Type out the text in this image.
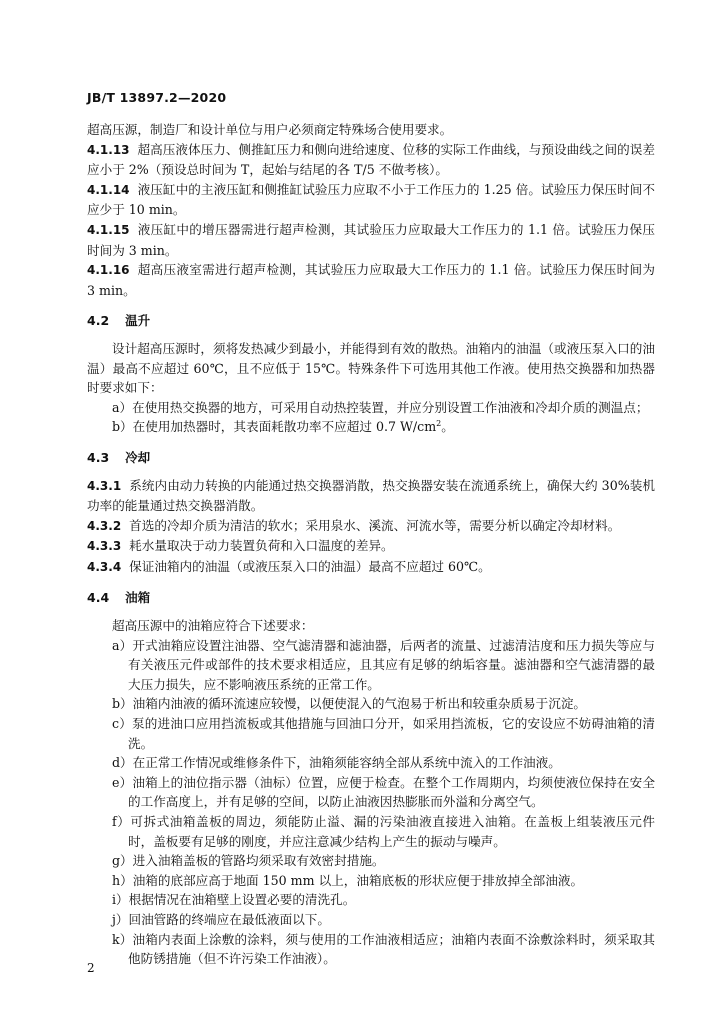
JB/T 13897.2—2020

超高压源，制造厂和设计单位与用户必须商定特殊场合使用要求。

4.1.13 超高压液体压力、侧推缸压力和侧向进给速度、位移的实际工作曲线，与预设曲线之间的误差应小于 2%（预设总时间为 T，起始与结尾的各 T/5 不做考核）。

4.1.14 液压缸中的主液压缸和侧推缸试验压力应取不小于工作压力的 1.25 倍。试验压力保压时间不应少于 10 min。

4.1.15 液压缸中的增压器需进行超声检测，其试验压力应取最大工作压力的 1.1 倍。试验压力保压时间为 3 min。

4.1.16 超高压液室需进行超声检测，其试验压力应取最大工作压力的 1.1 倍。试验压力保压时间为 3 min。

4.2 温升

设计超高压源时，须将发热减少到最小，并能得到有效的散热。油箱内的油温（或液压泵入口的油温）最高不应超过 60℃，且不应低于 15℃。特殊条件下可选用其他工作液。使用热交换器和加热器时要求如下：

a）在使用热交换器的地方，可采用自动热控装置，并应分别设置工作油液和冷却介质的测温点；

b）在使用加热器时，其表面耗散功率不应超过 0.7 $W/cm^2$。

4.3 冷却

4.3.1 系统内由动力转换的内能通过热交换器消散，热交换器安装在流通系统上，确保大约 30%装机功率的能量通过热交换器消散。

4.3.2 首选的冷却介质为清洁的软水；采用泉水、溪流、河流水等，需要分析以确定冷却材料。

4.3.3 耗水量取决于动力装置负荷和入口温度的差异。

4.3.4 保证油箱内的油温（或液压泵入口的油温）最高不应超过 60℃。

4.4 油箱

超高压源中的油箱应符合下述要求：

a）开式油箱应设置注油器、空气滤清器和滤油器，后两者的流量、过滤清洁度和压力损失等应与有关液压元件或部件的技术要求相适应，且其应有足够的纳垢容量。滤油器和空气滤清器的最大压力损失，应不影响液压系统的正常工作。

b）油箱内油液的循环流速应较慢，以便使混入的气泡易于析出和较重杂质易于沉淀。

c）泵的进油口应用挡流板或其他措施与回油口分开，如采用挡流板，它的安设应不妨碍油箱的清洗。

d）在正常工作情况或维修条件下，油箱须能容纳全部从系统中流入的工作油液。

e）油箱上的油位指示器（油标）位置，应便于检查。在整个工作周期内，均须使液位保持在安全的工作高度上，并有足够的空间，以防止油液因热膨胀而外溢和分离空气。

f）可拆式油箱盖板的周边，须能防止溢、漏的污染油液直接进入油箱。在盖板上组装液压元件时，盖板要有足够的刚度，并应注意减少结构上产生的振动与噪声。

g）进入油箱盖板的管路均须采取有效密封措施。

h）油箱的底部应高于地面 150 mm 以上，油箱底板的形状应便于排放掉全部油液。

i）根据情况在油箱壁上设置必要的清洗孔。

j）回油管路的终端应在最低液面以下。

k）油箱内表面上涂敷的涂料，须与使用的工作油液相适应；油箱内表面不涂敷涂料时，须采取其他防锈措施（但不许污染工作油液）。

2
